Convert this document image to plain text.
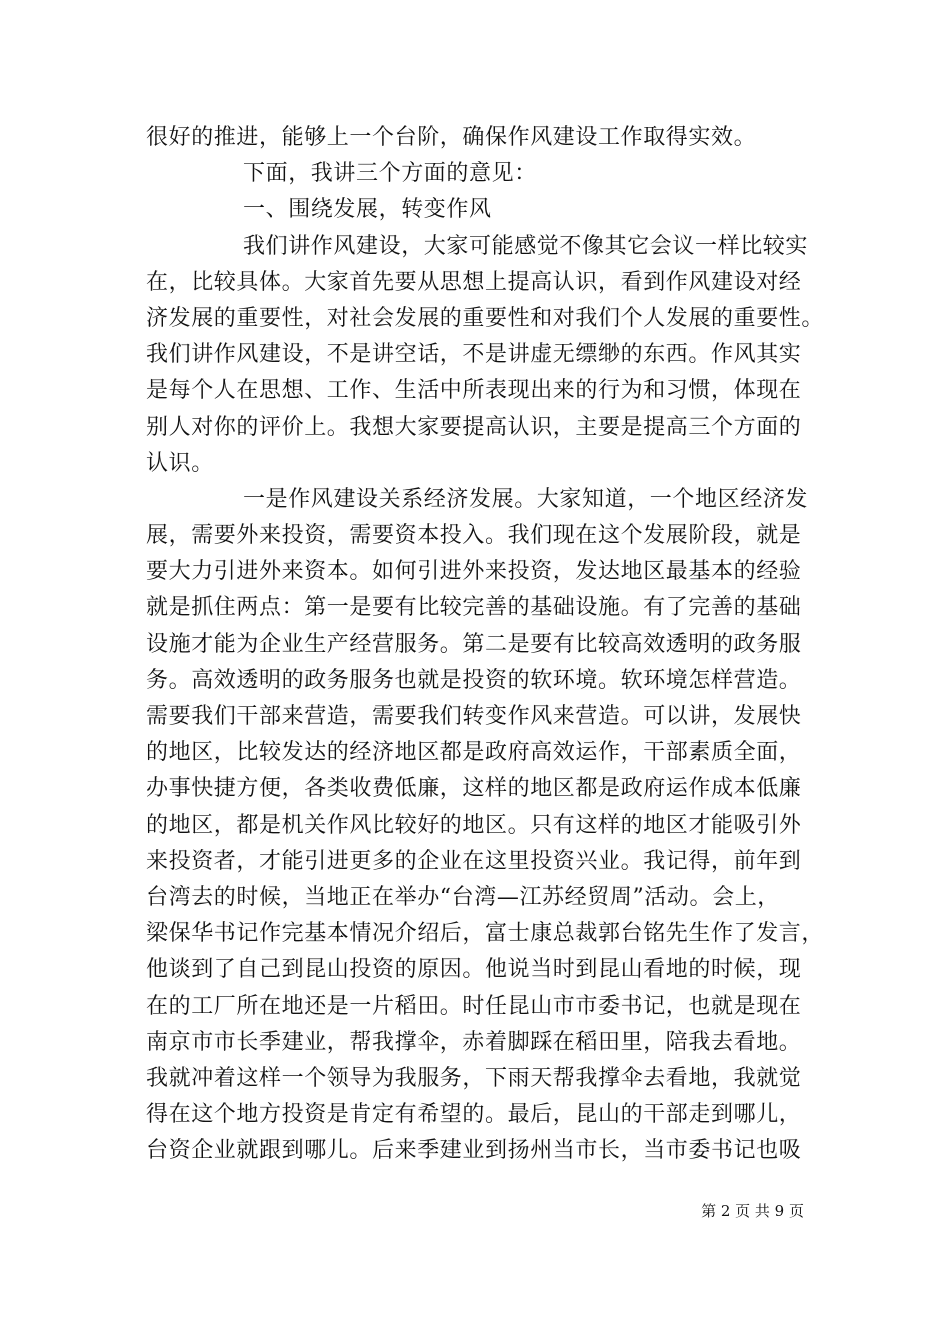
很好的推进，能够上一个台阶，确保作风建设工作取得实效。
下面，我讲三个方面的意见：
一、围绕发展，转变作风
我们讲作风建设，大家可能感觉不像其它会议一样比较实
在，比较具体。大家首先要从思想上提高认识，看到作风建设对经
济发展的重要性，对社会发展的重要性和对我们个人发展的重要性。
我们讲作风建设，不是讲空话，不是讲虚无缥缈的东西。作风其实
是每个人在思想、工作、生活中所表现出来的行为和习惯，体现在
别人对你的评价上。我想大家要提高认识，主要是提高三个方面的
认识。
一是作风建设关系经济发展。大家知道，一个地区经济发
展，需要外来投资，需要资本投入。我们现在这个发展阶段，就是
要大力引进外来资本。如何引进外来投资，发达地区最基本的经验
就是抓住两点：第一是要有比较完善的基础设施。有了完善的基础
设施才能为企业生产经营服务。第二是要有比较高效透明的政务服
务。高效透明的政务服务也就是投资的软环境。软环境怎样营造。
需要我们干部来营造，需要我们转变作风来营造。可以讲，发展快
的地区，比较发达的经济地区都是政府高效运作，干部素质全面，
办事快捷方便，各类收费低廉，这样的地区都是政府运作成本低廉
的地区，都是机关作风比较好的地区。只有这样的地区才能吸引外
来投资者，才能引进更多的企业在这里投资兴业。我记得，前年到
台湾去的时候，当地正在举办“台湾—江苏经贸周”活动。会上，
梁保华书记作完基本情况介绍后，富士康总裁郭台铭先生作了发言，
他谈到了自己到昆山投资的原因。他说当时到昆山看地的时候，现
在的工厂所在地还是一片稻田。时任昆山市市委书记，也就是现在
南京市市长季建业，帮我撑伞，赤着脚踩在稻田里，陪我去看地。
我就冲着这样一个领导为我服务，下雨天帮我撑伞去看地，我就觉
得在这个地方投资是肯定有希望的。最后，昆山的干部走到哪儿，
台资企业就跟到哪儿。后来季建业到扬州当市长，当市委书记也吸
第 2 页 共 9 页
